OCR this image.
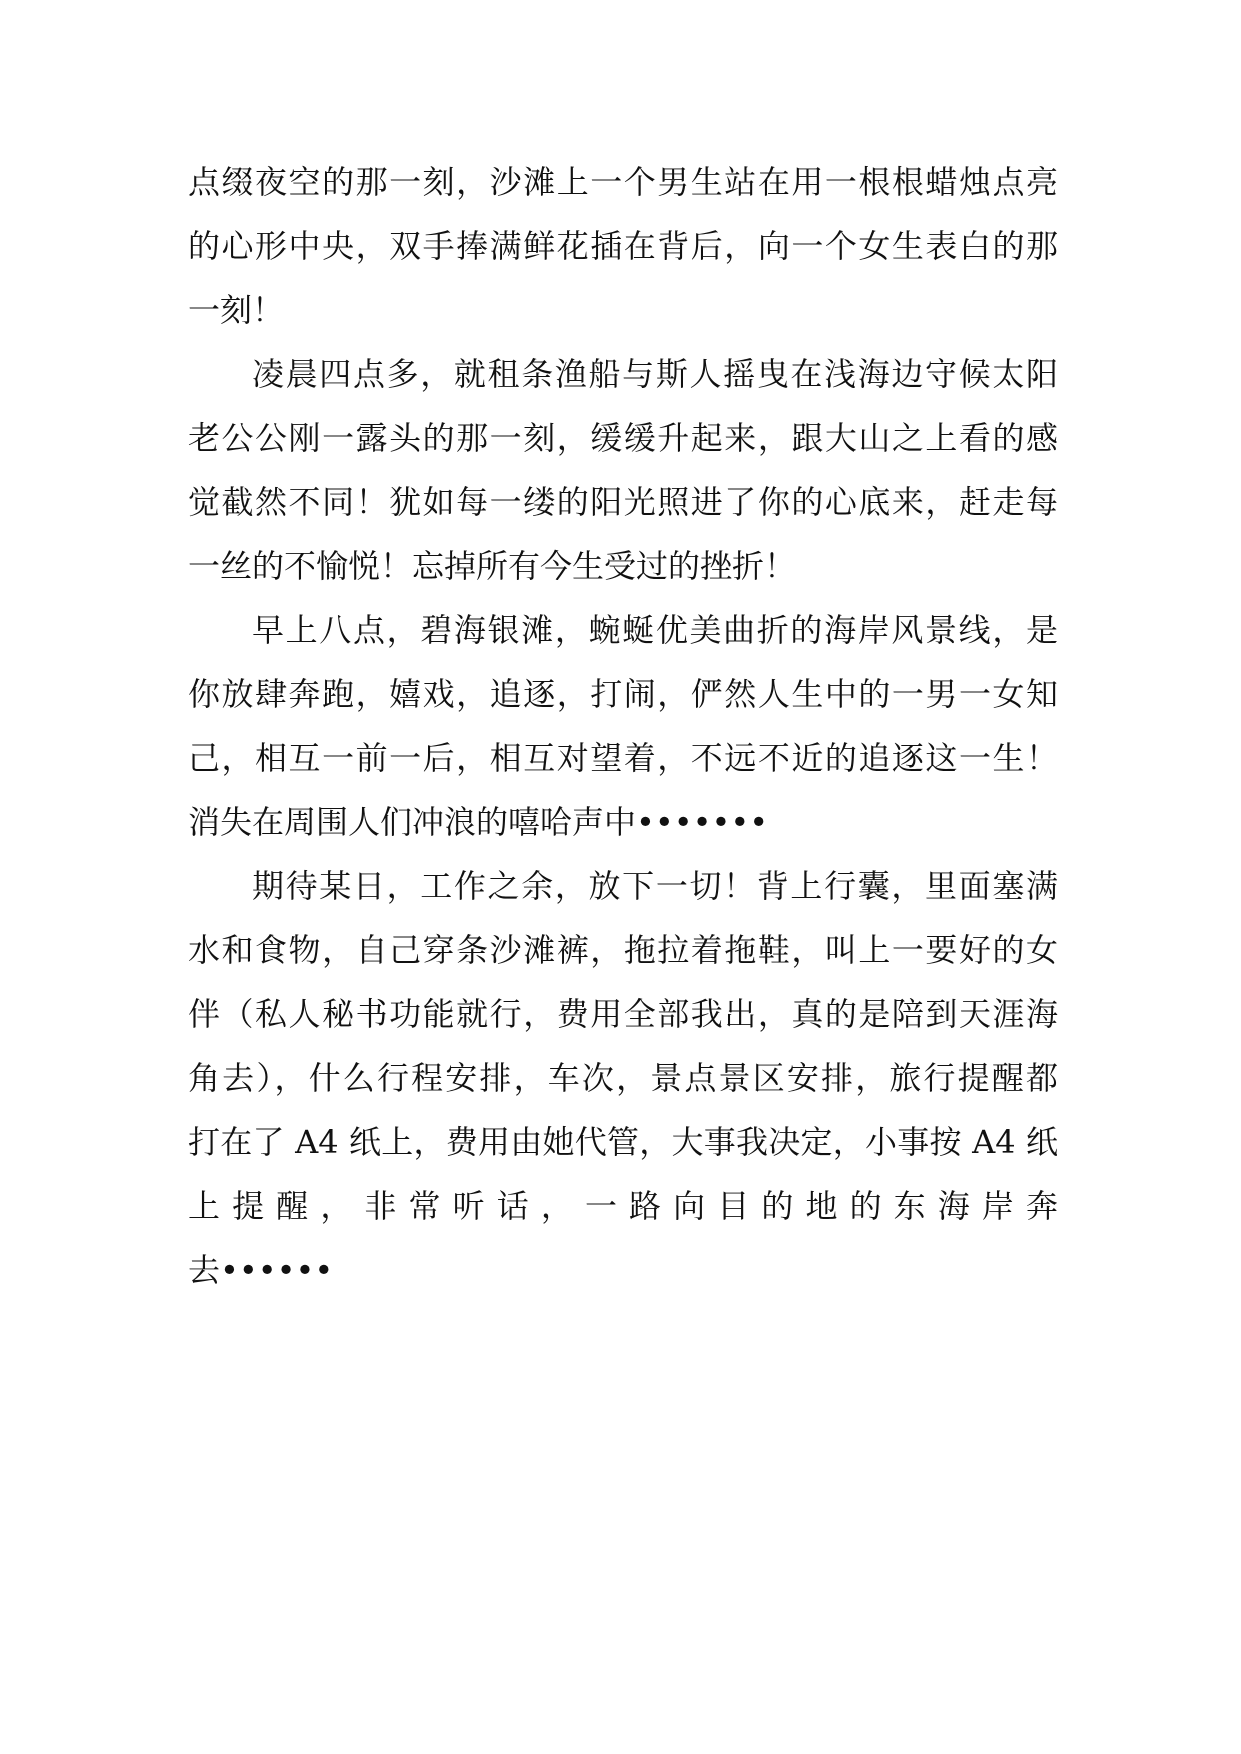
点缀夜空的那一刻，沙滩上一个男生站在用一根根蜡烛点亮
的心形中央，双手捧满鲜花插在背后，向一个女生表白的那
一刻！
凌晨四点多，就租条渔船与斯人摇曳在浅海边守候太阳
老公公刚一露头的那一刻，缓缓升起来，跟大山之上看的感
觉截然不同！犹如每一缕的阳光照进了你的心底来，赶走每
一丝的不愉悦！忘掉所有今生受过的挫折！
早上八点，碧海银滩，蜿蜒优美曲折的海岸风景线，是
你放肆奔跑，嬉戏，追逐，打闹，俨然人生中的一男一女知
己，相互一前一后，相互对望着，不远不近的追逐这一生！
消失在周围人们冲浪的嘻哈声中•••••••
期待某日，工作之余，放下一切！背上行囊，里面塞满
水和食物，自己穿条沙滩裤，拖拉着拖鞋，叫上一要好的女
伴（私人秘书功能就行，费用全部我出，真的是陪到天涯海
角去），什么行程安排，车次，景点景区安排，旅行提醒都
打在了 A4 纸上，费用由她代管，大事我决定，小事按 A4 纸
上提醒，非常听话，一路向目的地的东海岸奔
去••••••
